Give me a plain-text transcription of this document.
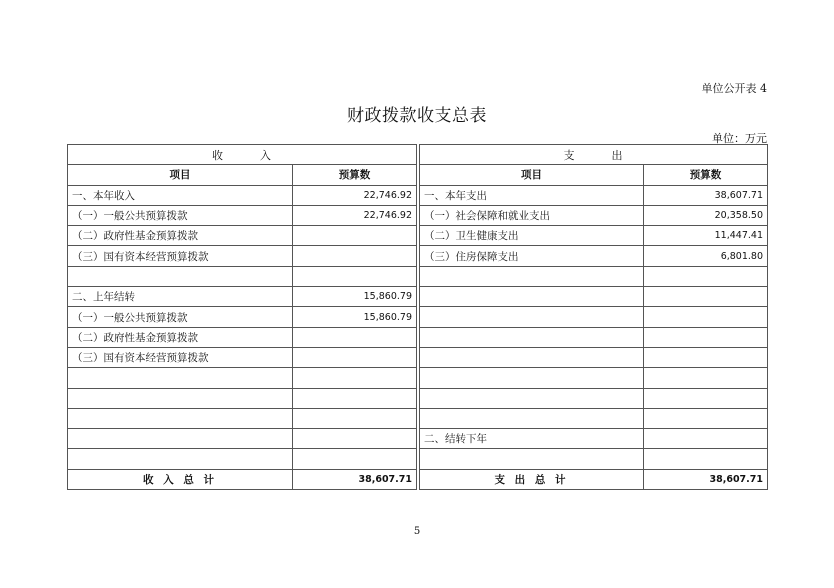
单位公开表 4
财政拨款收支总表
单位：万元
收　　　入			支　　　出	
项目	预算数		项目	预算数
一、本年收入	22,746.92		一、本年支出	38,607.71
（一）一般公共预算拨款	22,746.92		（一）社会保障和就业支出	20,358.50
（二）政府性基金预算拨款			（二）卫生健康支出	11,447.41
（三）国有资本经营预算拨款			（三）住房保障支出	6,801.80

二、上年结转	15,860.79			
（一）一般公共预算拨款	15,860.79			
（二）政府性基金预算拨款				
（三）国有资本经营预算拨款				

			二、结转下年	

收 入 总 计	38,607.71		支 出 总 计	38,607.71
5
